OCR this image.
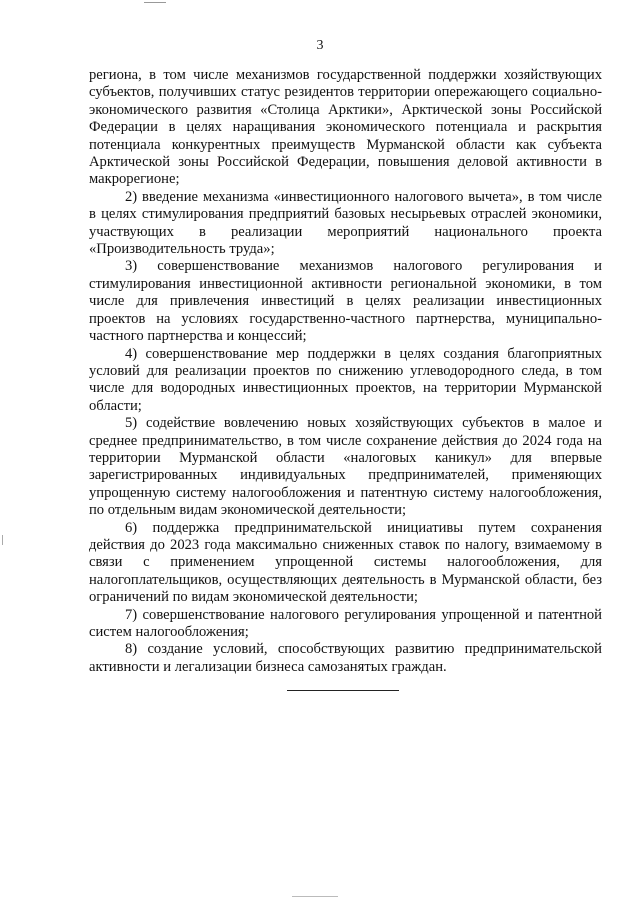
3

региона, в том числе механизмов государственной поддержки хозяйствующих субъектов, получивших статус резидентов территории опережающего социально-экономического развития «Столица Арктики», Арктической зоны Российской Федерации в целях наращивания экономического потенциала и раскрытия потенциала конкурентных преимуществ Мурманской области как субъекта Арктической зоны Российской Федерации, повышения деловой активности в макрорегионе;

2) введение механизма «инвестиционного налогового вычета», в том числе в целях стимулирования предприятий базовых несырьевых отраслей экономики, участвующих в реализации мероприятий национального проекта «Производительность труда»;

3) совершенствование механизмов налогового регулирования и стимулирования инвестиционной активности региональной экономики, в том числе для привлечения инвестиций в целях реализации инвестиционных проектов на условиях государственно-частного партнерства, муниципально-частного партнерства и концессий;

4) совершенствование мер поддержки в целях создания благоприятных условий для реализации проектов по снижению углеводородного следа, в том числе для водородных инвестиционных проектов, на территории Мурманской области;

5) содействие вовлечению новых хозяйствующих субъектов в малое и среднее предпринимательство, в том числе сохранение действия до 2024 года на территории Мурманской области «налоговых каникул» для впервые зарегистрированных индивидуальных предпринимателей, применяющих упрощенную систему налогообложения и патентную систему налогообложения, по отдельным видам экономической деятельности;

6) поддержка предпринимательской инициативы путем сохранения действия до 2023 года максимально сниженных ставок по налогу, взимаемому в связи с применением упрощенной системы налогообложения, для налогоплательщиков, осуществляющих деятельность в Мурманской области, без ограничений по видам экономической деятельности;

7) совершенствование налогового регулирования упрощенной и патентной систем налогообложения;

8) создание условий, способствующих развитию предпринимательской активности и легализации бизнеса самозанятых граждан.
